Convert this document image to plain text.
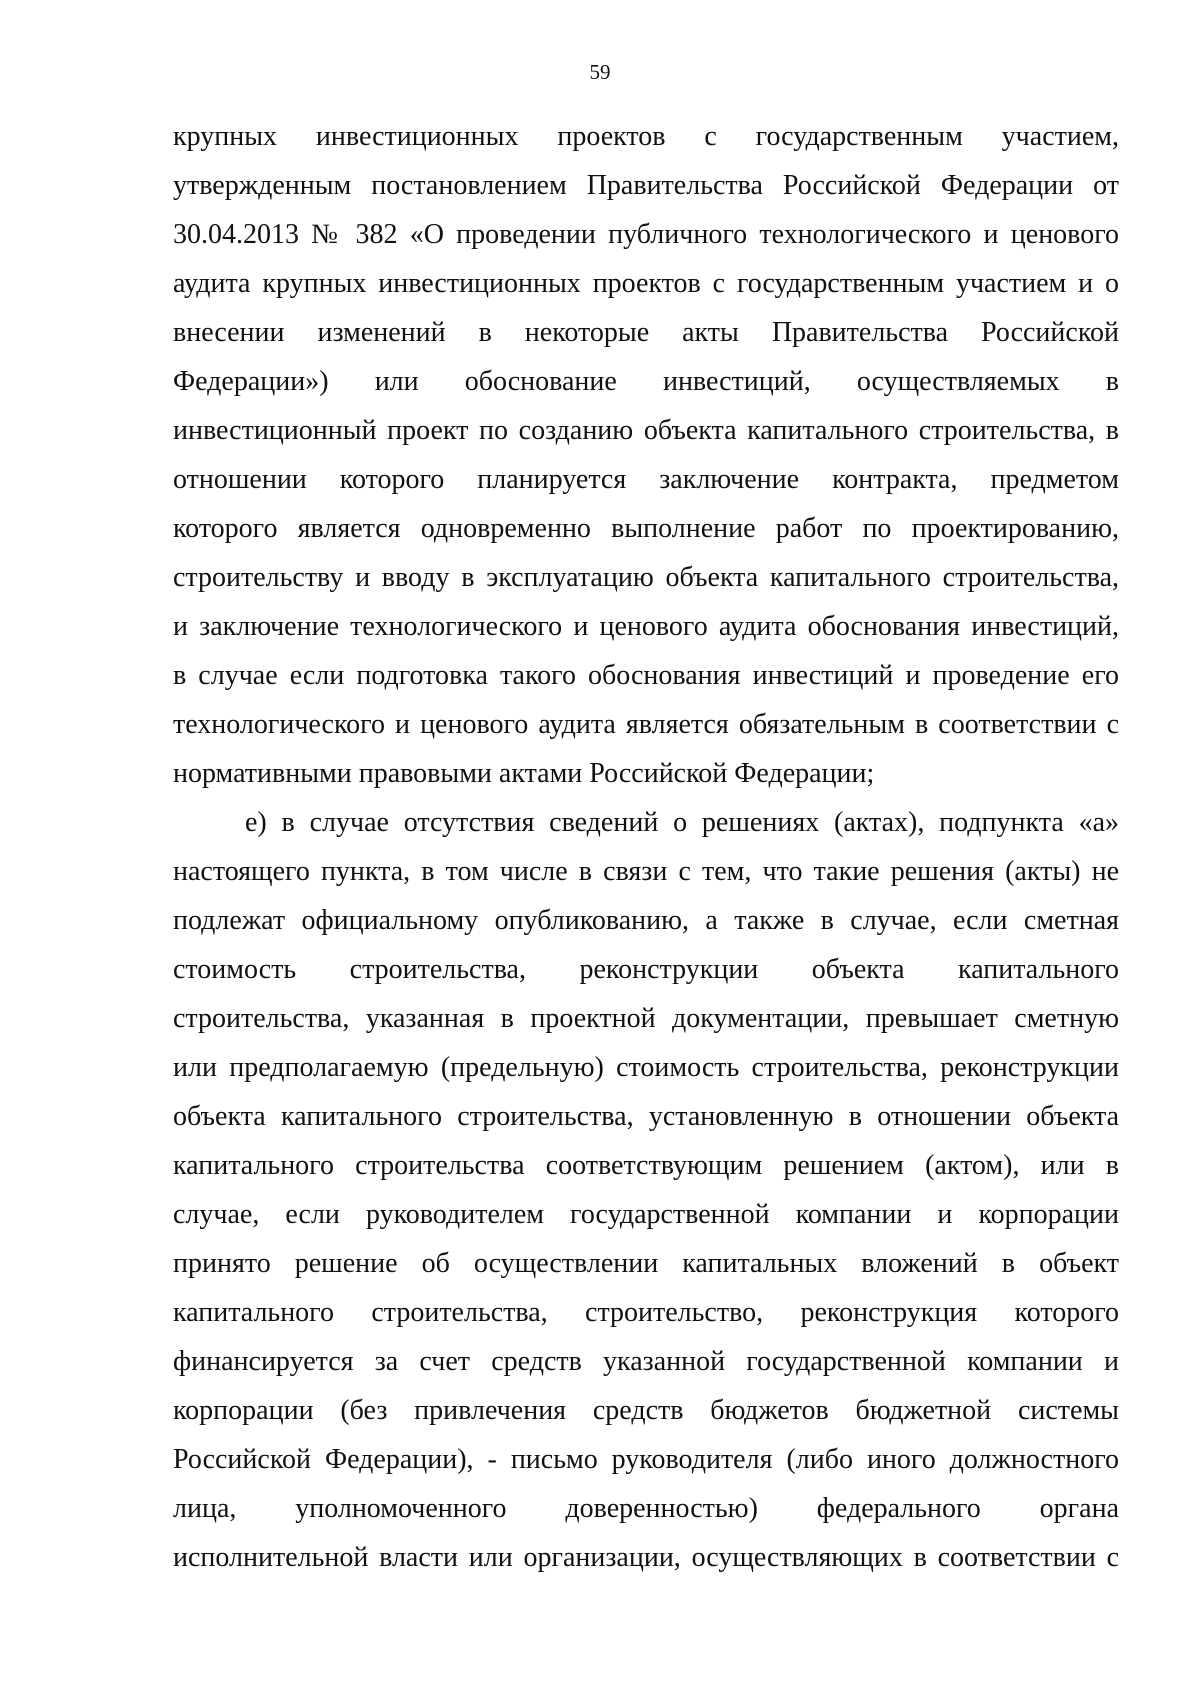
59
крупных инвестиционных проектов с государственным участием,
утвержденным постановлением Правительства Российской Федерации от
30.04.2013 № 382 «О проведении публичного технологического и ценового
аудита крупных инвестиционных проектов с государственным участием и о
внесении изменений в некоторые акты Правительства Российской
Федерации») или обоснование инвестиций, осуществляемых в
инвестиционный проект по созданию объекта капитального строительства, в
отношении которого планируется заключение контракта, предметом
которого является одновременно выполнение работ по проектированию,
строительству и вводу в эксплуатацию объекта капитального строительства,
и заключение технологического и ценового аудита обоснования инвестиций,
в случае если подготовка такого обоснования инвестиций и проведение его
технологического и ценового аудита является обязательным в соответствии с
нормативными правовыми актами Российской Федерации;
е) в случае отсутствия сведений о решениях (актах), подпункта «а»
настоящего пункта, в том числе в связи с тем, что такие решения (акты) не
подлежат официальному опубликованию, а также в случае, если сметная
стоимость строительства, реконструкции объекта капитального
строительства, указанная в проектной документации, превышает сметную
или предполагаемую (предельную) стоимость строительства, реконструкции
объекта капитального строительства, установленную в отношении объекта
капитального строительства соответствующим решением (актом), или в
случае, если руководителем государственной компании и корпорации
принято решение об осуществлении капитальных вложений в объект
капитального строительства, строительство, реконструкция которого
финансируется за счет средств указанной государственной компании и
корпорации (без привлечения средств бюджетов бюджетной системы
Российской Федерации), - письмо руководителя (либо иного должностного
лица, уполномоченного доверенностью) федерального органа
исполнительной власти или организации, осуществляющих в соответствии с
